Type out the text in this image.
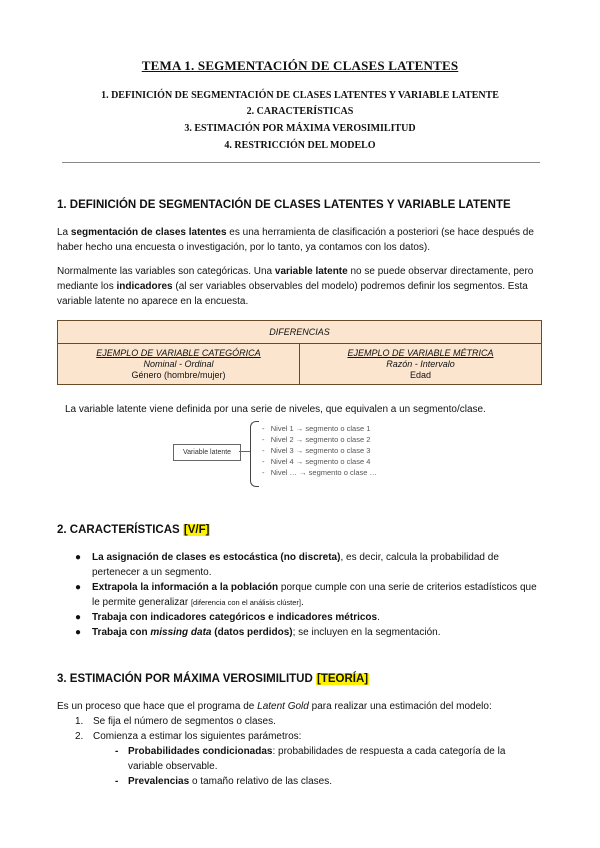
TEMA 1. SEGMENTACIÓN DE CLASES LATENTES
1. DEFINICIÓN DE SEGMENTACIÓN DE CLASES LATENTES Y VARIABLE LATENTE
2. CARACTERÍSTICAS
3. ESTIMACIÓN POR MÁXIMA VEROSIMILITUD
4. RESTRICCIÓN DEL MODELO
1. DEFINICIÓN DE SEGMENTACIÓN DE CLASES LATENTES Y VARIABLE LATENTE

La segmentación de clases latentes es una herramienta de clasificación a posteriori (se hace después de haber hecho una encuesta o investigación, por lo tanto, ya contamos con los datos).

Normalmente las variables son categóricas. Una variable latente no se puede observar directamente, pero mediante los indicadores (al ser variables observables del modelo) podremos definir los segmentos. Esta variable latente no aparece en la encuesta.

DIFERENCIAS

EJEMPLO DE VARIABLE CATEGÓRICA
Nominal - Ordinal
Género (hombre/mujer)

EJEMPLO DE VARIABLE MÉTRICA
Razón - Intervalo
Edad

La variable latente viene definida por una serie de niveles, que equivalen a un segmento/clase.

Variable latente
-   Nivel 1 → segmento o clase 1
-   Nivel 2 → segmento o clase 2
-   Nivel 3 → segmento o clase 3
-   Nivel 4 → segmento o clase 4
-   Nivel … → segmento o clase …
2. CARACTERÍSTICAS [V/F]
● La asignación de clases es estocástica (no discreta), es decir, calcula la probabilidad de pertenecer a un segmento.
● Extrapola la información a la población porque cumple con una serie de criterios estadísticos que le permite generalizar [diferencia con el análisis clúster].
● Trabaja con indicadores categóricos e indicadores métricos.
● Trabaja con missing data (datos perdidos); se incluyen en la segmentación.
3. ESTIMACIÓN POR MÁXIMA VEROSIMILITUD [TEORÍA]

Es un proceso que hace que el programa de Latent Gold para realizar una estimación del modelo:

1. Se fija el número de segmentos o clases.
2. Comienza a estimar los siguientes parámetros:
- Probabilidades condicionadas: probabilidades de respuesta a cada categoría de la variable observable.
- Prevalencias o tamaño relativo de las clases.
